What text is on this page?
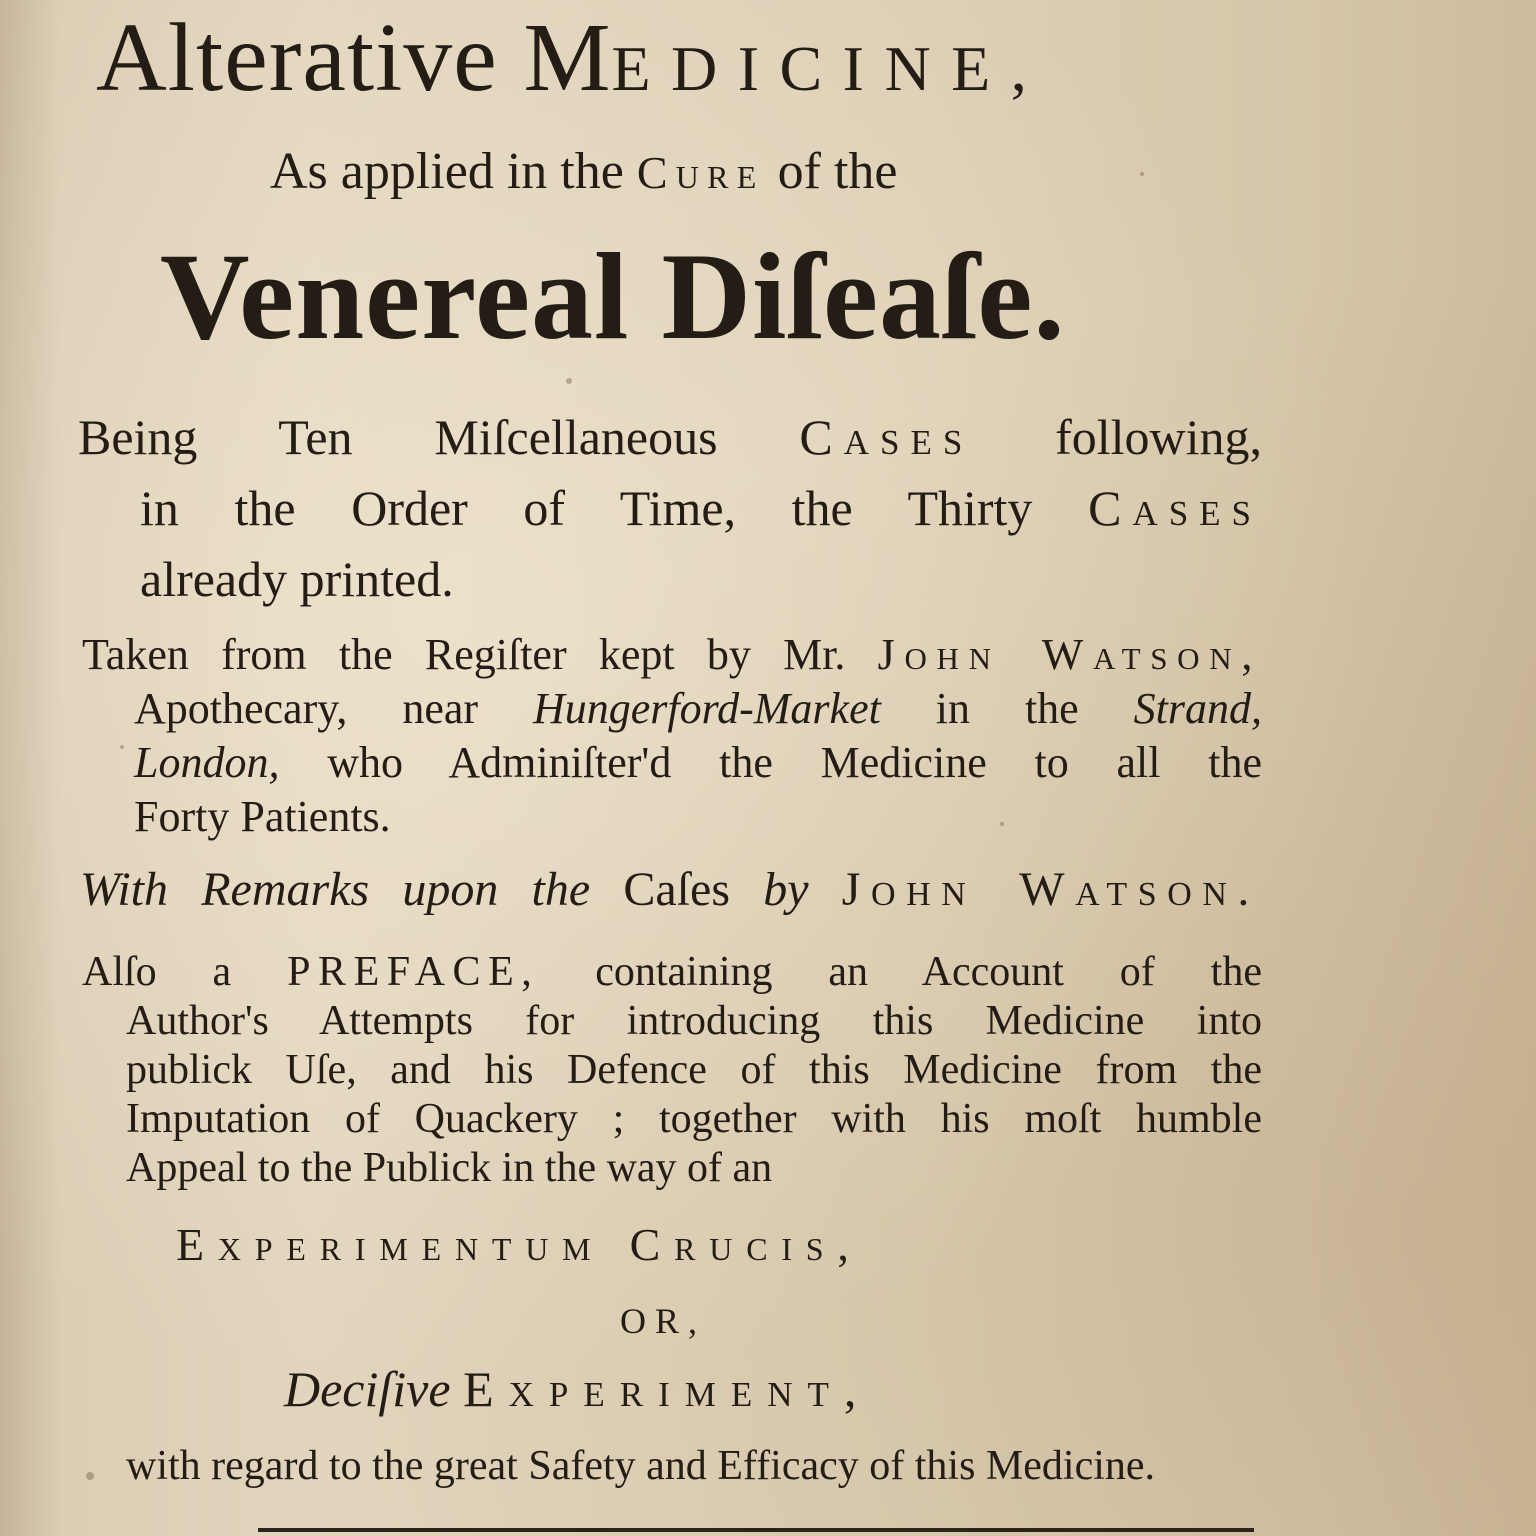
Alterative MEDICINE,
As applied in the Cure of the
Venereal Diſeaſe.
Being Ten Miſcellaneous Cases following,
in the Order of Time, the Thirty Cases
already printed.
Taken from the Regiſter kept by Mr. John Watson,
Apothecary, near Hungerford-Market in the Strand,
London, who Adminiſter'd the Medicine to all the
Forty Patients.
With Remarks upon the Caſes by John Watson.
Alſo a PREFACE, containing an Account of the
Author's Attempts for introducing this Medicine into
publick Uſe, and his Defence of this Medicine from the
Imputation of Quackery ; together with his moſt humble
Appeal to the Publick in the way of an
Experimentum Crucis,
OR,
Deciſive Experiment,
with regard to the great Safety and Efficacy of this Medicine.
